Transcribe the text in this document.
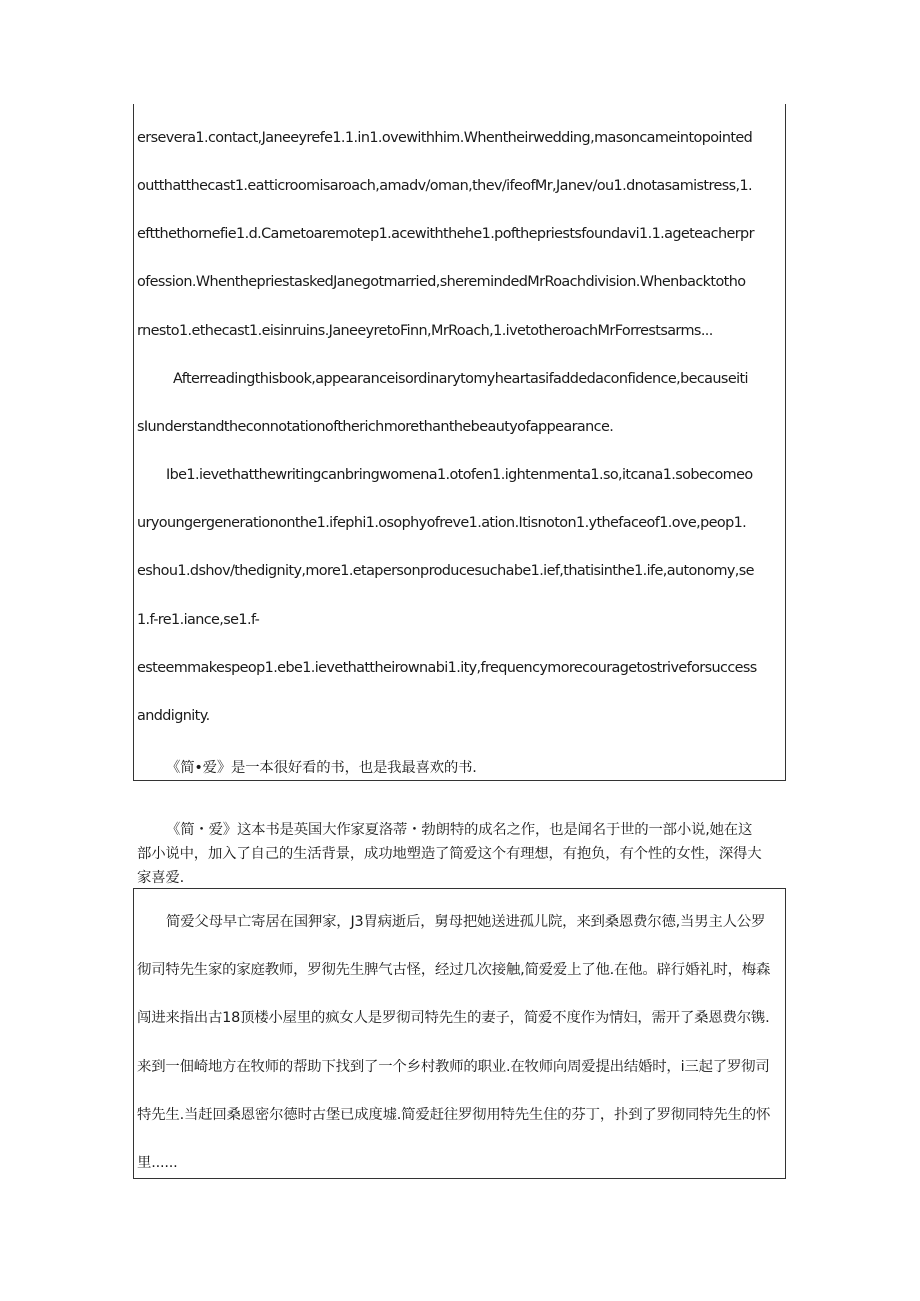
ersevera1.contact,Janeeyrefe1.1.in1.ovewithhim.Whentheirwedding,masoncameintopointed
outthatthecast1.eatticroomisaroach,amadv/oman,thev/ifeofMr,Janev/ou1.dnotasamistress,1.
eftthethornefie1.d.Cametoaremotep1.acewiththehe1.pofthepriestsfoundavi1.1.ageteacherpr
ofession.WhenthepriestaskedJanegotmarried,sheremindedMrRoachdivision.Whenbacktotho
rnesto1.ethecast1.eisinruins.JaneeyretoFinn,MrRoach,1.ivetotheroachMrForrestsarms...
Afterreadingthisbook,appearanceisordinarytomyheartasifaddedaconfidence,becauseiti
sIunderstandtheconnotationoftherichmorethanthebeautyofappearance.
Ibe1.ievethatthewritingcanbringwomena1.otofen1.ightenmenta1.so,itcana1.sobecomeo
uryoungergenerationonthe1.ifephi1.osophyofreve1.ation.Itisnoton1.ythefaceof1.ove,peop1.
eshou1.dshov/thedignity,more1.etapersonproducesuchabe1.ief,thatisinthe1.ife,autonomy,se
1.f-re1.iance,se1.f-
esteemmakespeop1.ebe1.ievethattheirownabi1.ity,frequencymorecouragetostriveforsuccess
anddignity.
《简•爱》是一本很好看的书，也是我最喜欢的书.
《简・爱》这本书是英国大作家夏洛蒂・勃朗特的成名之作，也是闻名于世的一部小说,她在这
部小说中，加入了自己的生活背景，成功地塑造了简爱这个有理想，有抱负，有个性的女性，深得大
家喜爱.
简爱父母早亡寄居在国狎家，J3胃病逝后，舅母把她送进孤儿院，来到桑恩费尔德,当男主人公罗
彻司特先生家的家庭教师，罗彻先生脾气古怪，经过几次接触,简爱爱上了他.在他。辟行婚礼时，梅森
闯进来指出古18顶楼小屋里的疯女人是罗彻司特先生的妻子，简爱不度作为情妇，需开了桑恩费尔镌.
来到一佃崎地方在牧师的帮助下找到了一个乡村教师的职业.在牧师向周爱提出结婚时，i三起了罗彻司
特先生.当赶回桑恩密尔德时古堡已成度墟.简爱赶往罗彻用特先生住的芬丁，扑到了罗彻同特先生的怀
里......
